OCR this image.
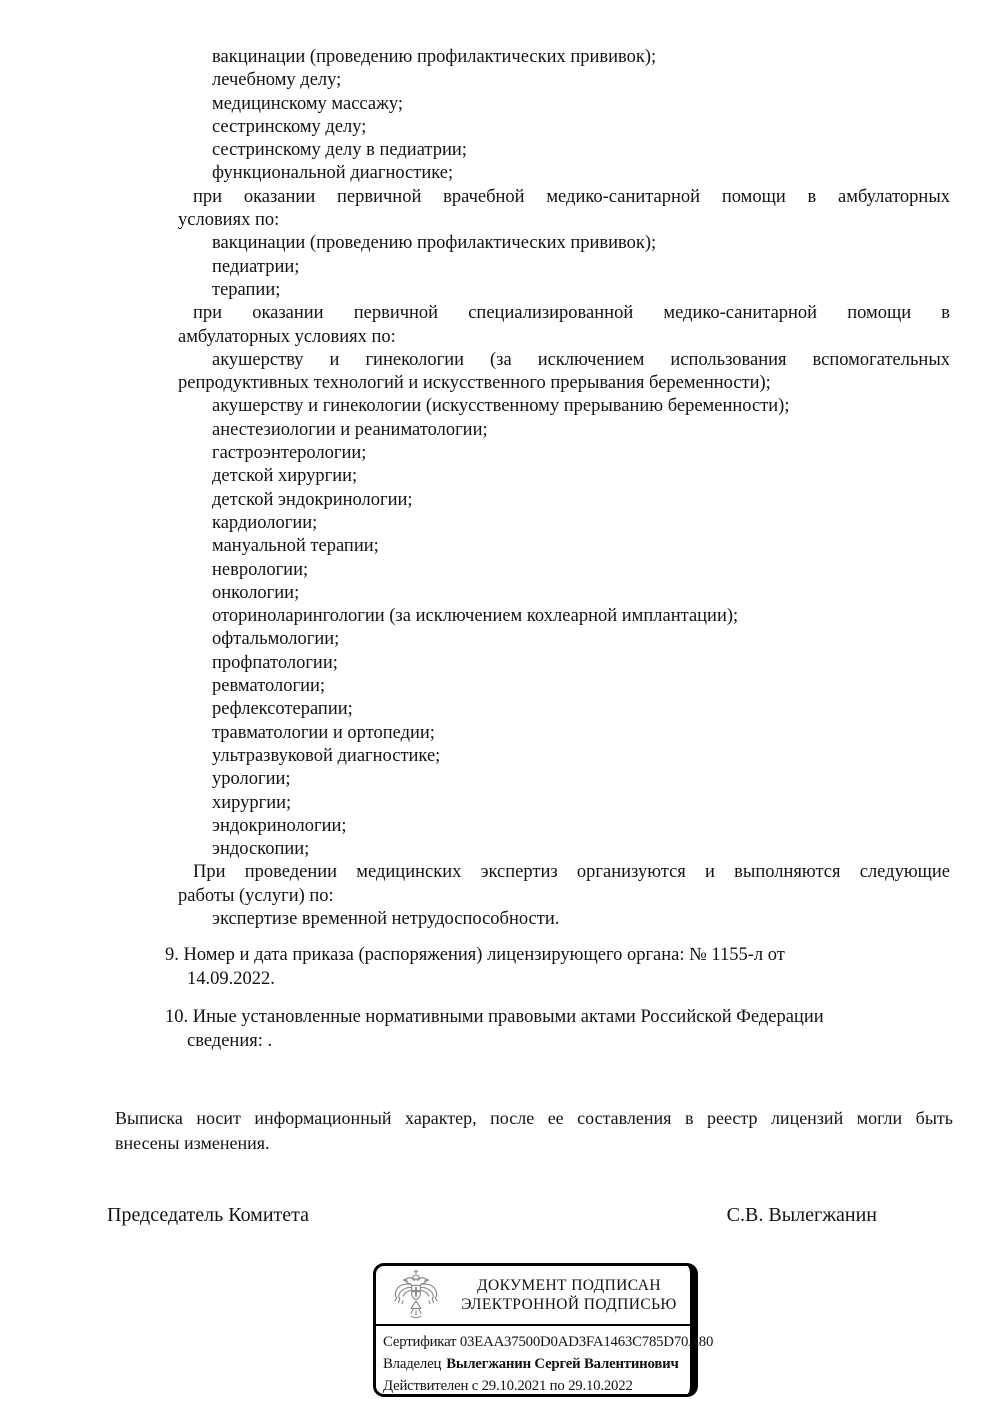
вакцинации (проведению профилактических прививок);
лечебному делу;
медицинскому массажу;
сестринскому делу;
сестринскому делу в педиатрии;
функциональной диагностике;
при оказании первичной врачебной медико-санитарной помощи в амбулаторных
условиях по:
вакцинации (проведению профилактических прививок);
педиатрии;
терапии;
при оказании первичной специализированной медико-санитарной помощи в
амбулаторных условиях по:
акушерству и гинекологии (за исключением использования вспомогательных
репродуктивных технологий и искусственного прерывания беременности);
акушерству и гинекологии (искусственному прерыванию беременности);
анестезиологии и реаниматологии;
гастроэнтерологии;
детской хирургии;
детской эндокринологии;
кардиологии;
мануальной терапии;
неврологии;
онкологии;
оториноларингологии (за исключением кохлеарной имплантации);
офтальмологии;
профпатологии;
ревматологии;
рефлексотерапии;
травматологии и ортопедии;
ультразвуковой диагностике;
урологии;
хирургии;
эндокринологии;
эндоскопии;
При проведении медицинских экспертиз организуются и выполняются следующие
работы (услуги) по:
экспертизе временной нетрудоспособности.
9. Номер и дата приказа (распоряжения) лицензирующего органа: № 1155-л от
14.09.2022.
10. Иные установленные нормативными правовыми актами Российской Федерации
сведения: .
Выписка носит информационный характер, после ее составления в реестр лицензий могли быть
внесены изменения.
Председатель Комитета	С.В. Вылегжанин
ДОКУМЕНТ ПОДПИСАН
ЭЛЕКТРОННОЙ ПОДПИСЬЮ
Сертификат 03EAA37500D0AD3FA1463C785D70A80
Владелец Вылегжанин Сергей Валентинович
Действителен с 29.10.2021 по 29.10.2022
